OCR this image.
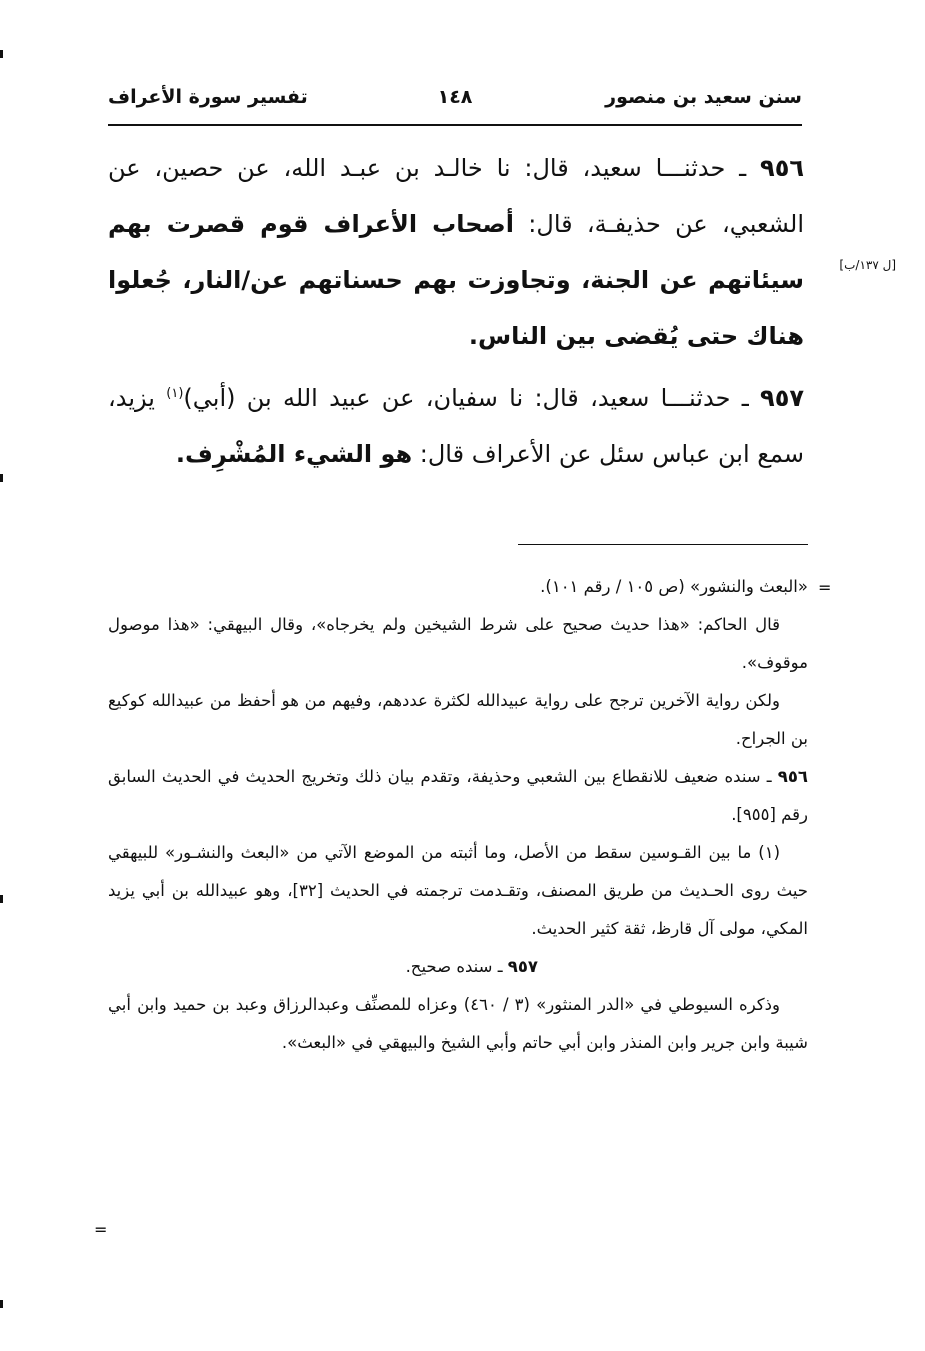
تفسير سورة الأعراف	١٤٨	سنن سعيد بن منصور
[ل ١٣٧/ب]

٩٥٦ ـ حدثنـــا سعيد، قال: نا خالـد بن عبـد الله، عن حصين، عن الشعبي، عن حذيفـة، قال: أصحاب الأعراف قوم قصرت بهم سيئاتهم عن الجنة، وتجاوزت بهم حسناتهم عن/النار، جُعلوا هناك حتى يُقضى بين الناس.

٩٥٧ ـ حدثنـــا سعيد، قال: نا سفيان، عن عبيد الله بن (أبي)$^{(١)}$ يزيد، سمع ابن عباس سئل عن الأعراف قال: هو الشيء المُشْرِف.

=

«البعث والنشور» (ص ١٠٥ / رقم ١٠١).

قال الحاكم: «هذا حديث صحيح على شرط الشيخين ولم يخرجاه»، وقال البيهقي: «هذا موصول موقوف».

ولكن رواية الآخرين ترجح على رواية عبيدالله لكثرة عددهم، وفيهم من هو أحفظ من عبيدالله كوكيع بن الجراح.

٩٥٦ ـ سنده ضعيف للانقطاع بين الشعبي وحذيفة، وتقدم بيان ذلك وتخريج الحديث في الحديث السابق رقم [٩٥٥].

(١) ما بين القـوسين سقط من الأصل، وما أثبته من الموضع الآتي من «البعث والنشـور» للبيهقي حيث روى الحـديث من طريق المصنف، وتقـدمت ترجمته في الحديث [٣٢]، وهو عبيدالله بن أبي يزيد المكي، مولى آل قارظ، ثقة كثير الحديث.

٩٥٧ ـ سنده صحيح.

وذكره السيوطي في «الدر المنثور» (٣ / ٤٦٠) وعزاه للمصنِّف وعبدالرزاق وعبد بن حميد وابن أبي شيبة وابن جرير وابن المنذر وابن أبي حاتم وأبي الشيخ والبيهقي في «البعث».

=
